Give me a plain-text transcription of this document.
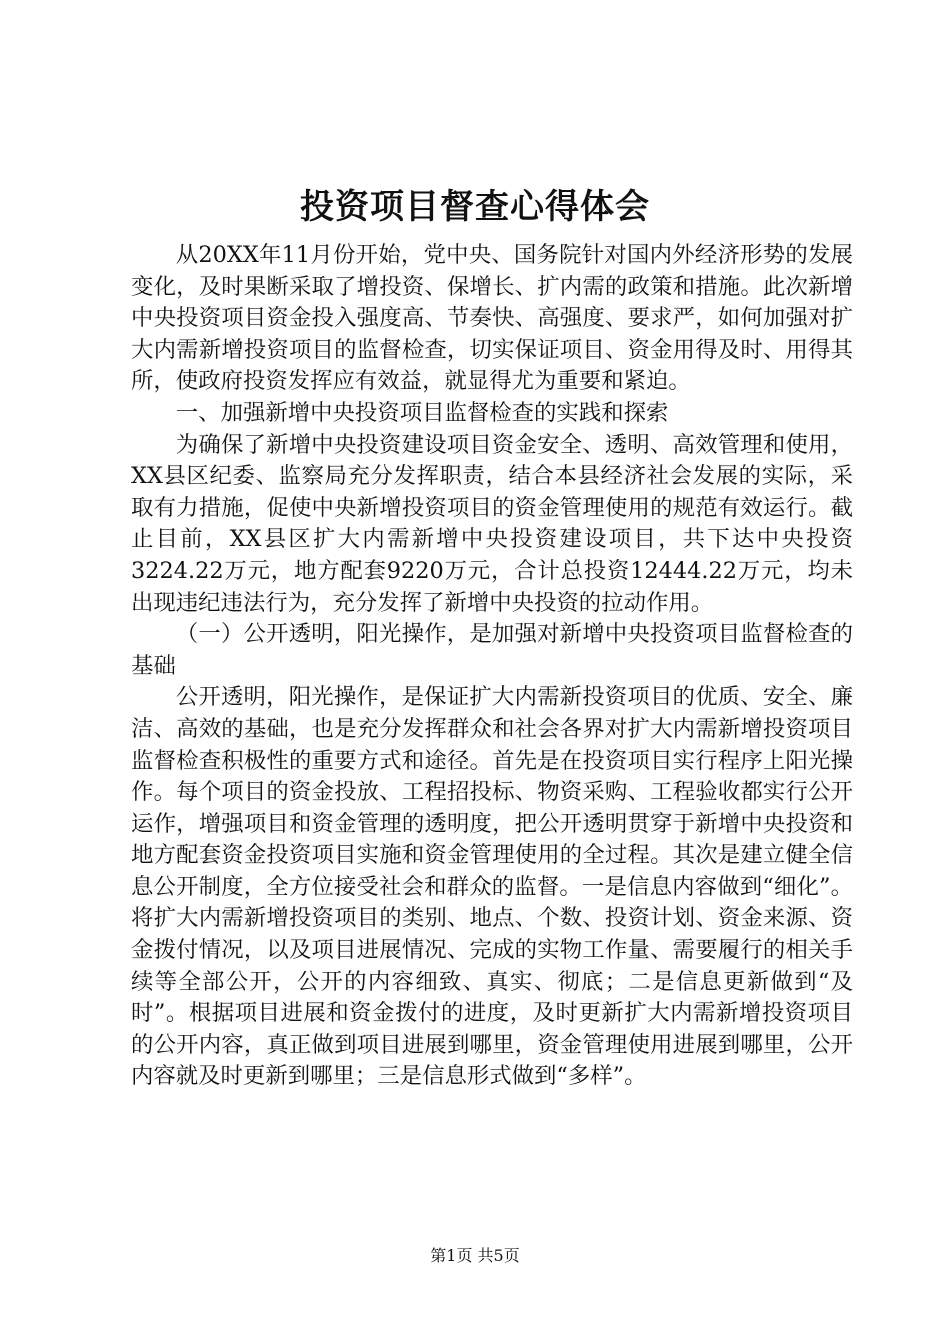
投资项目督查心得体会

从20XX年11月份开始，党中央、国务院针对国内外经济形势的发展变化，及时果断采取了增投资、保增长、扩内需的政策和措施。此次新增中央投资项目资金投入强度高、节奏快、高强度、要求严，如何加强对扩大内需新增投资项目的监督检查，切实保证项目、资金用得及时、用得其所，使政府投资发挥应有效益，就显得尤为重要和紧迫。

一、加强新增中央投资项目监督检查的实践和探索

为确保了新增中央投资建设项目资金安全、透明、高效管理和使用，XX县区纪委、监察局充分发挥职责，结合本县经济社会发展的实际，采取有力措施，促使中央新增投资项目的资金管理使用的规范有效运行。截止目前，XX县区扩大内需新增中央投资建设项目，共下达中央投资3224.22万元，地方配套9220万元，合计总投资12444.22万元，均未出现违纪违法行为，充分发挥了新增中央投资的拉动作用。

（一）公开透明，阳光操作，是加强对新增中央投资项目监督检查的基础

公开透明，阳光操作，是保证扩大内需新投资项目的优质、安全、廉洁、高效的基础，也是充分发挥群众和社会各界对扩大内需新增投资项目监督检查积极性的重要方式和途径。首先是在投资项目实行程序上阳光操作。每个项目的资金投放、工程招投标、物资采购、工程验收都实行公开运作，增强项目和资金管理的透明度，把公开透明贯穿于新增中央投资和地方配套资金投资项目实施和资金管理使用的全过程。其次是建立健全信息公开制度，全方位接受社会和群众的监督。一是信息内容做到“细化”。将扩大内需新增投资项目的类别、地点、个数、投资计划、资金来源、资金拨付情况，以及项目进展情况、完成的实物工作量、需要履行的相关手续等全部公开，公开的内容细致、真实、彻底；二是信息更新做到“及时”。根据项目进展和资金拨付的进度，及时更新扩大内需新增投资项目的公开内容，真正做到项目进展到哪里，资金管理使用进展到哪里，公开内容就及时更新到哪里；三是信息形式做到“多样”。

第1页 共5页
